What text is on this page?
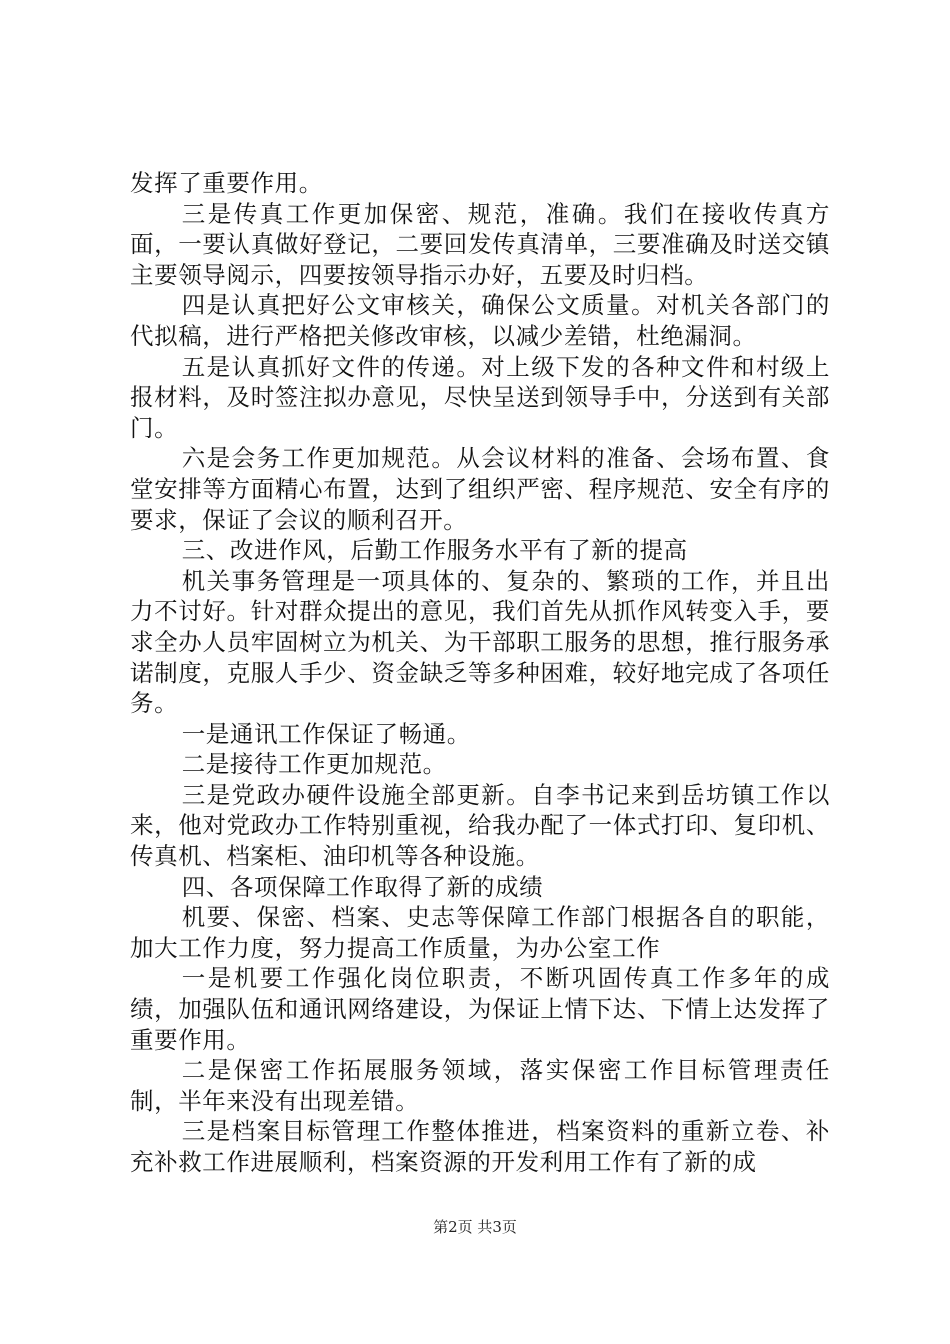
发挥了重要作用。

三是传真工作更加保密、规范，准确。我们在接收传真方面，一要认真做好登记，二要回发传真清单，三要准确及时送交镇主要领导阅示，四要按领导指示办好，五要及时归档。

四是认真把好公文审核关，确保公文质量。对机关各部门的代拟稿，进行严格把关修改审核，以减少差错，杜绝漏洞。

五是认真抓好文件的传递。对上级下发的各种文件和村级上报材料，及时签注拟办意见，尽快呈送到领导手中，分送到有关部门。

六是会务工作更加规范。从会议材料的准备、会场布置、食堂安排等方面精心布置，达到了组织严密、程序规范、安全有序的要求，保证了会议的顺利召开。

三、改进作风，后勤工作服务水平有了新的提高

机关事务管理是一项具体的、复杂的、繁琐的工作，并且出力不讨好。针对群众提出的意见，我们首先从抓作风转变入手，要求全办人员牢固树立为机关、为干部职工服务的思想，推行服务承诺制度，克服人手少、资金缺乏等多种困难，较好地完成了各项任务。

一是通讯工作保证了畅通。

二是接待工作更加规范。

三是党政办硬件设施全部更新。自李书记来到岳坊镇工作以来，他对党政办工作特别重视，给我办配了一体式打印、复印机、传真机、档案柜、油印机等各种设施。

四、各项保障工作取得了新的成绩

机要、保密、档案、史志等保障工作部门根据各自的职能，加大工作力度，努力提高工作质量，为办公室工作

一是机要工作强化岗位职责，不断巩固传真工作多年的成绩，加强队伍和通讯网络建设，为保证上情下达、下情上达发挥了重要作用。

二是保密工作拓展服务领域，落实保密工作目标管理责任制，半年来没有出现差错。

三是档案目标管理工作整体推进，档案资料的重新立卷、补充补救工作进展顺利，档案资源的开发利用工作有了新的成

第2页 共3页
